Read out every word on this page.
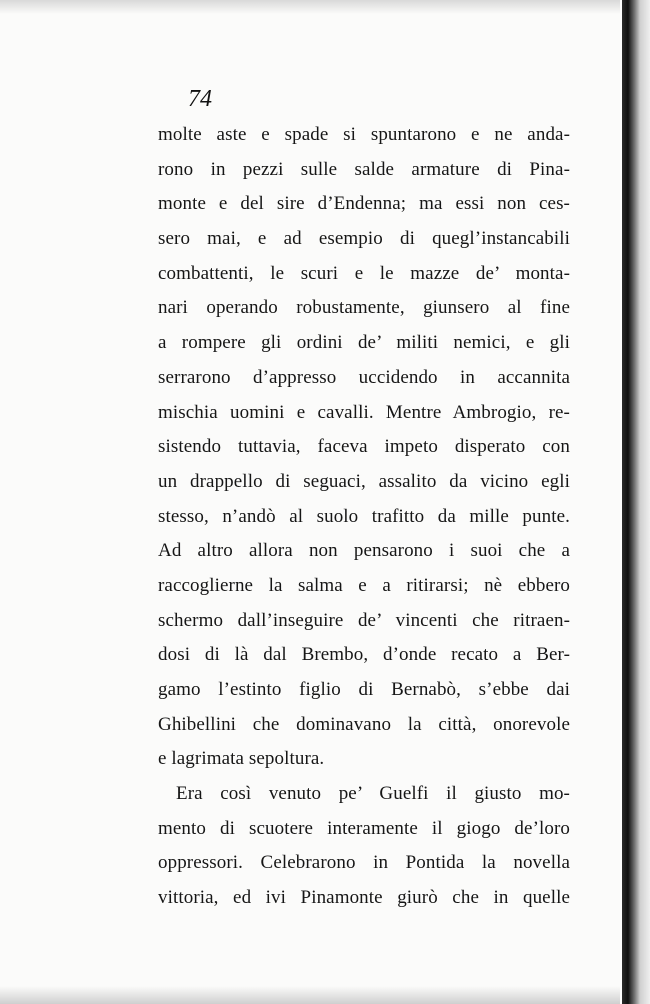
74
molte aste e spade si spuntarono e ne anda-
rono in pezzi sulle salde armature di Pina-
monte e del sire d’Endenna; ma essi non ces-
sero mai, e ad esempio di quegl’instancabili
combattenti, le scuri e le mazze de’ monta-
nari operando robustamente, giunsero al fine
a rompere gli ordini de’ militi nemici, e gli
serrarono d’appresso uccidendo in accannita
mischia uomini e cavalli. Mentre Ambrogio, re-
sistendo tuttavia, faceva impeto disperato con
un drappello di seguaci, assalito da vicino egli
stesso, n’andò al suolo trafitto da mille punte.
Ad altro allora non pensarono i suoi che a
raccoglierne la salma e a ritirarsi; nè ebbero
schermo dall’inseguire de’ vincenti che ritraen-
dosi di là dal Brembo, d’onde recato a Ber-
gamo l’estinto figlio di Bernabò, s’ebbe dai
Ghibellini che dominavano la città, onorevole
e lagrimata sepoltura.
Era così venuto pe’ Guelfi il giusto mo-
mento di scuotere interamente il giogo de’loro
oppressori. Celebrarono in Pontida la novella
vittoria, ed ivi Pinamonte giurò che in quelle
